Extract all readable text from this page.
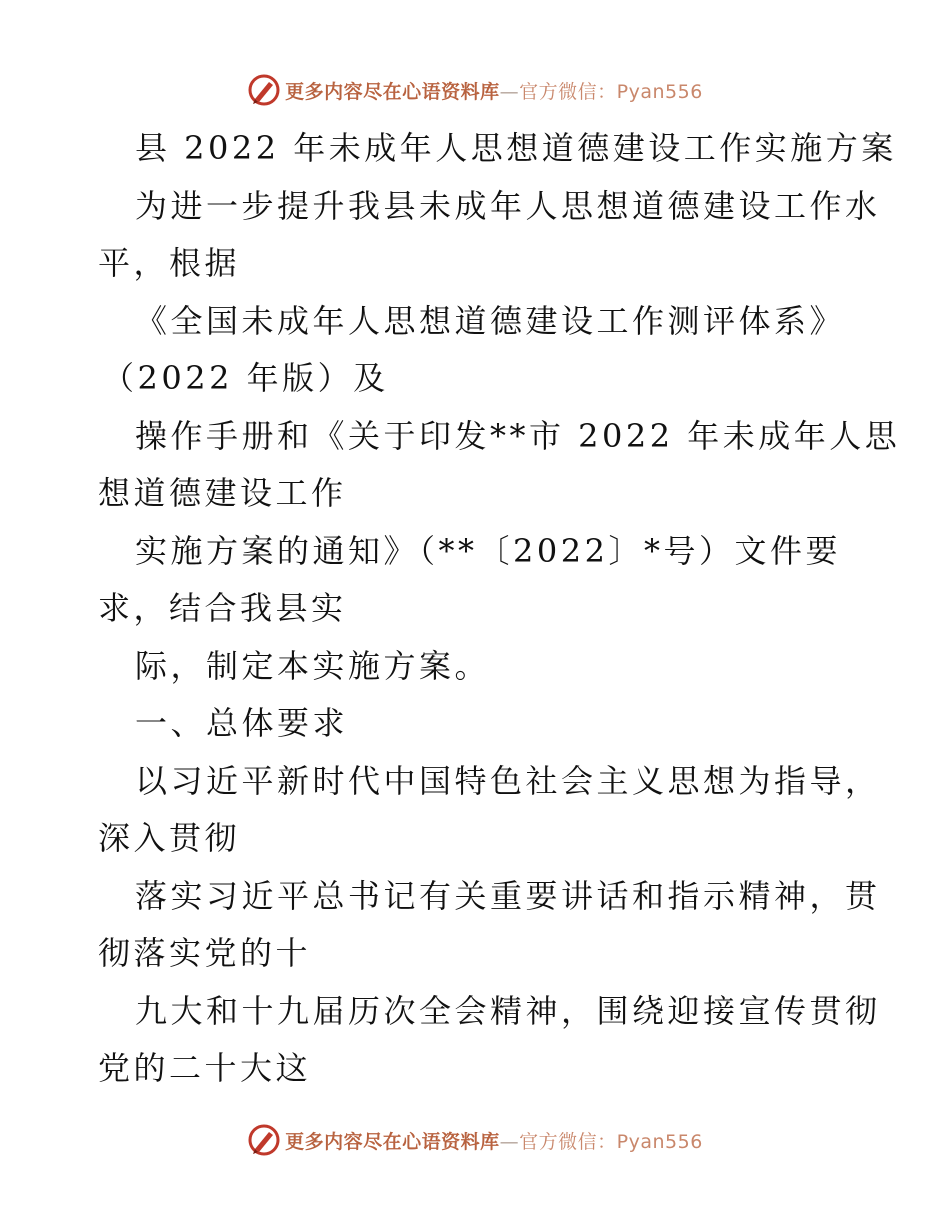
更多内容尽在心语资料库—官方微信：Pyan556
县 2022 年未成年人思想道德建设工作实施方案
为进一步提升我县未成年人思想道德建设工作水
平，根据
《全国未成年人思想道德建设工作测评体系》
（2022 年版）及
操作手册和《关于印发**市 2022 年未成年人思
想道德建设工作
实施方案的通知》（**〔2022〕*号）文件要
求，结合我县实
际，制定本实施方案。
一、总体要求
以习近平新时代中国特色社会主义思想为指导，
深入贯彻
落实习近平总书记有关重要讲话和指示精神，贯
彻落实党的十
九大和十九届历次全会精神，围绕迎接宣传贯彻
党的二十大这
更多内容尽在心语资料库—官方微信：Pyan556
